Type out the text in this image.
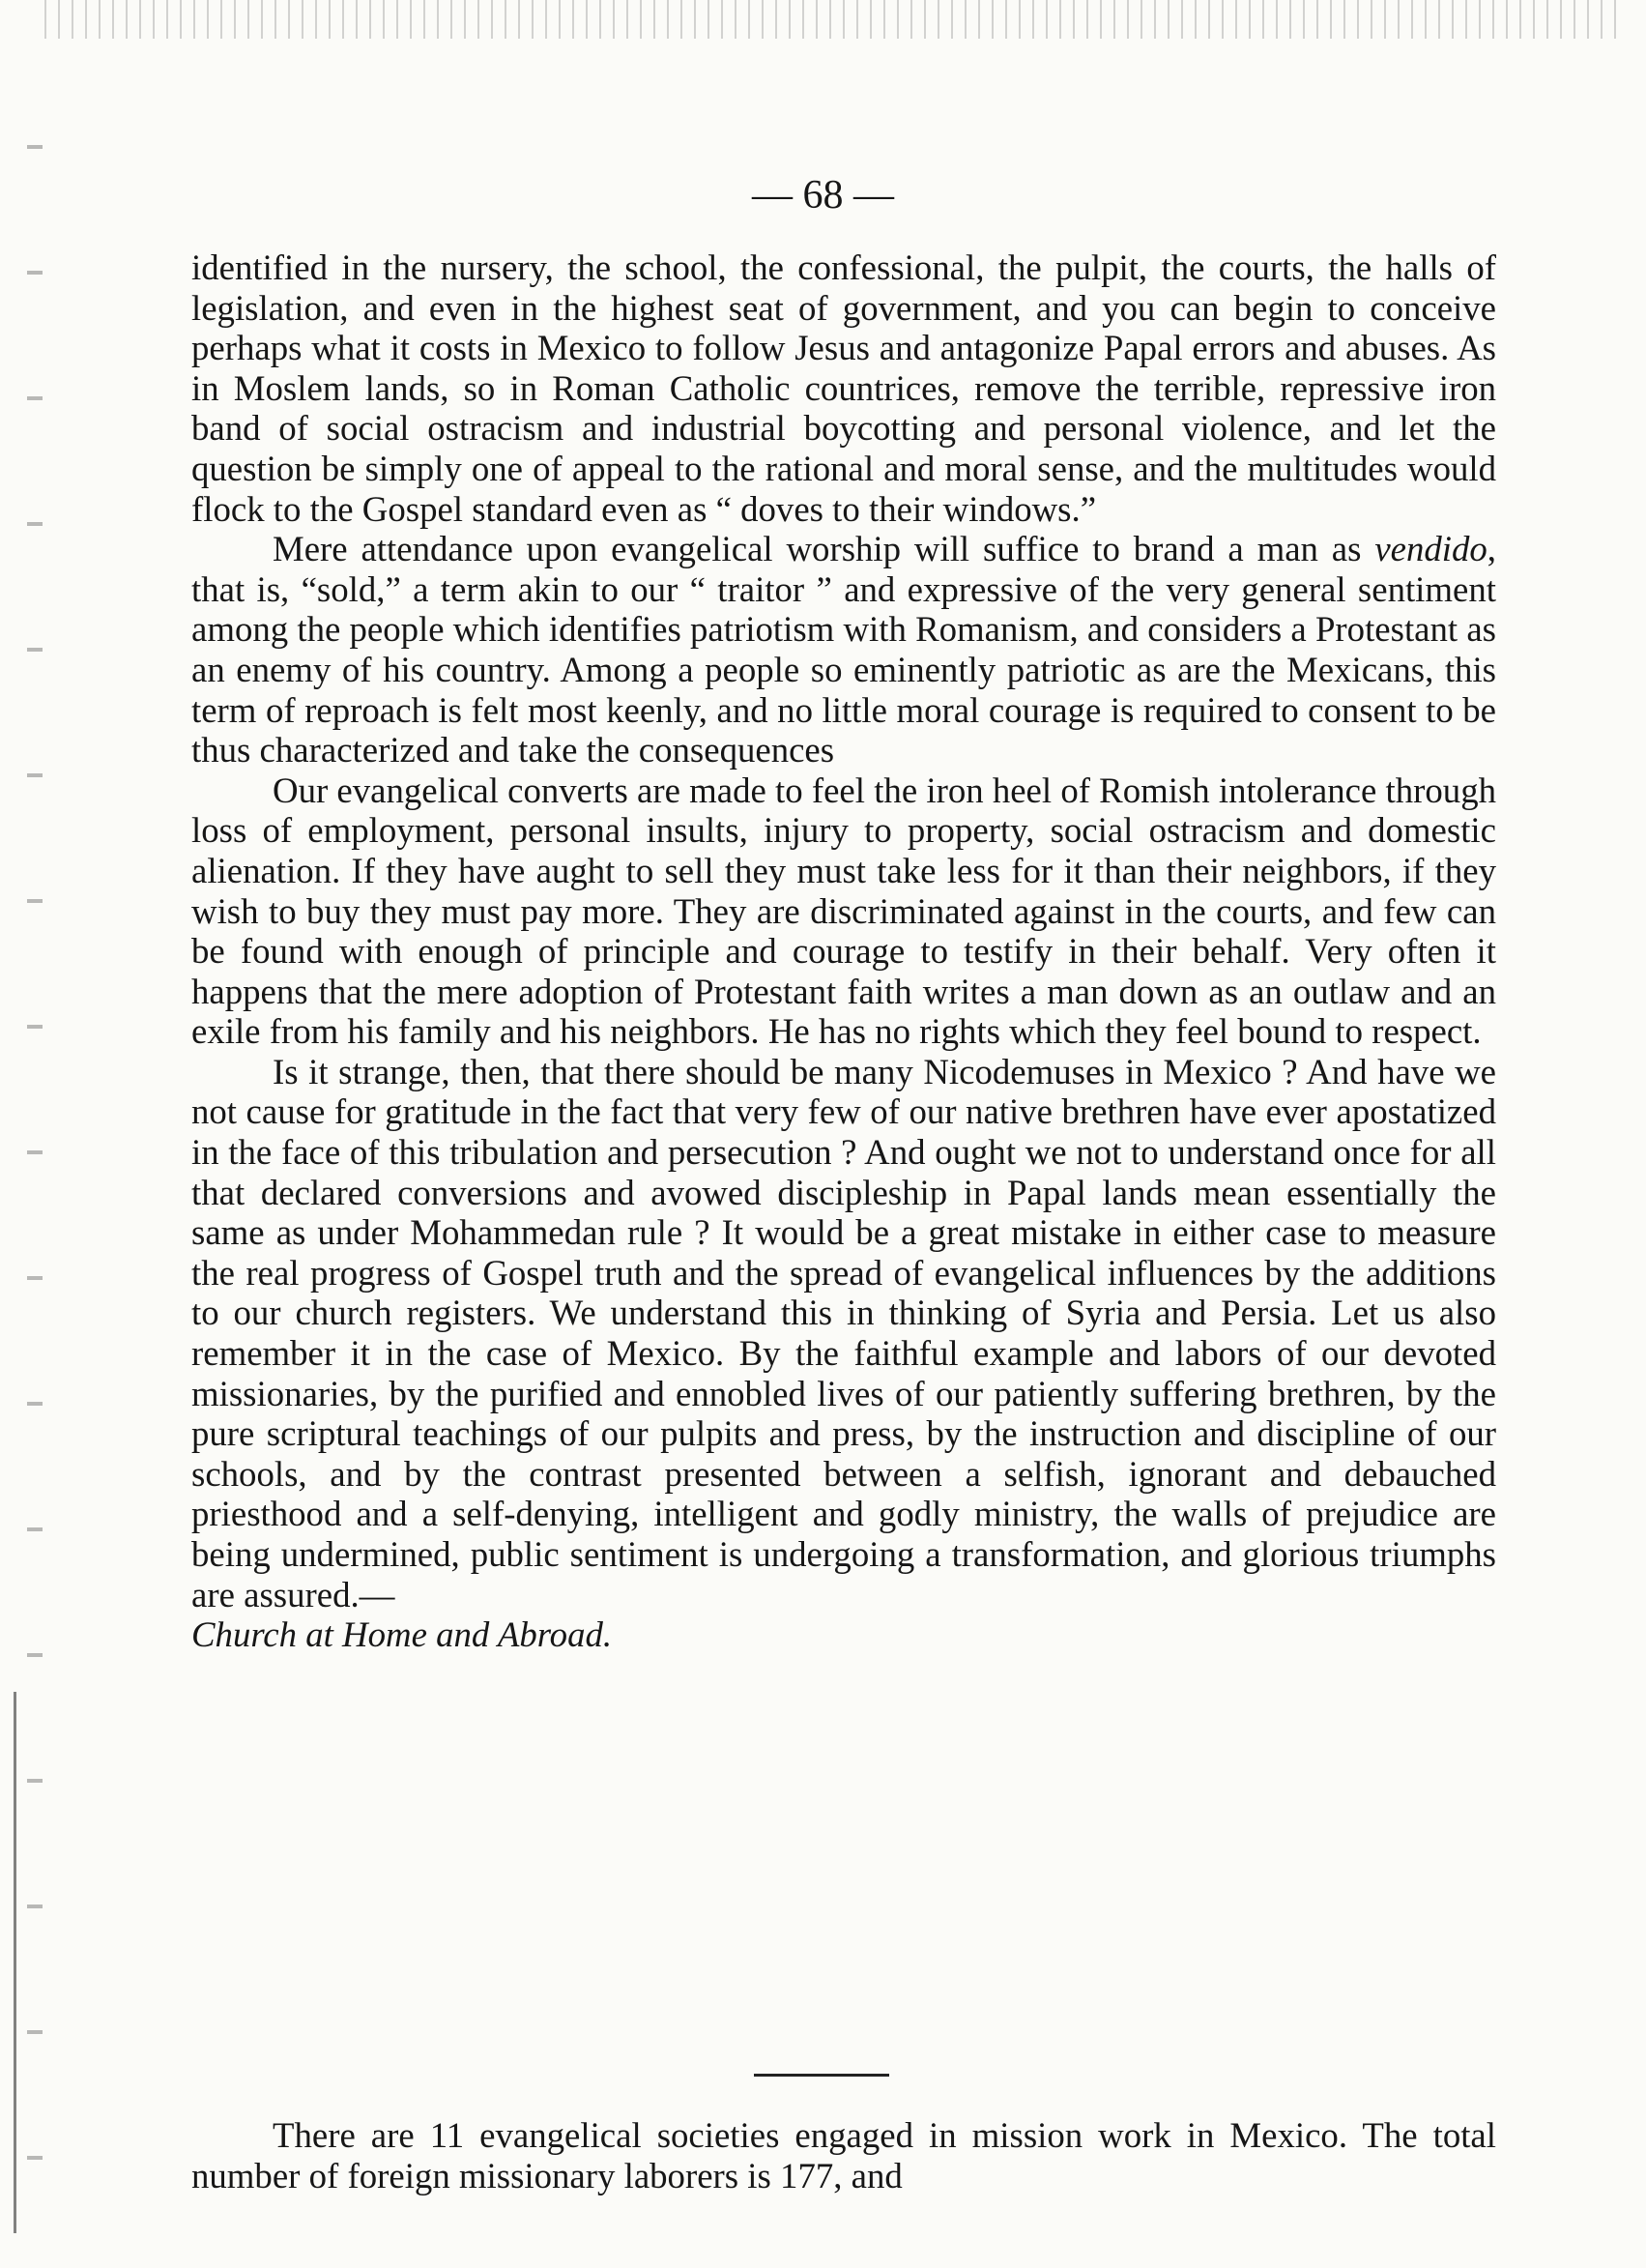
— 68 —

identified in the nursery, the school, the confessional, the pulpit, the courts, the halls of legislation, and even in the highest seat of government, and you can begin to conceive perhaps what it costs in Mexico to follow Jesus and antagonize Papal errors and abuses. As in Moslem lands, so in Roman Catholic countrices, remove the terrible, repressive iron band of social ostracism and industrial boycotting and personal violence, and let the question be simply one of appeal to the rational and moral sense, and the multitudes would flock to the Gospel standard even as “ doves to their windows.”

Mere attendance upon evangelical worship will suffice to brand a man as vendido, that is, “sold,” a term akin to our “ traitor ” and expressive of the very general sentiment among the people which identifies patriotism with Romanism, and considers a Protestant as an enemy of his country. Among a people so eminently patriotic as are the Mexicans, this term of reproach is felt most keenly, and no little moral courage is required to consent to be thus characterized and take the consequences

Our evangelical converts are made to feel the iron heel of Romish intolerance through loss of employment, personal insults, injury to property, social ostracism and domestic alienation. If they have aught to sell they must take less for it than their neighbors, if they wish to buy they must pay more. They are discriminated against in the courts, and few can be found with enough of principle and courage to testify in their behalf. Very often it happens that the mere adoption of Protestant faith writes a man down as an outlaw and an exile from his family and his neighbors. He has no rights which they feel bound to respect.

Is it strange, then, that there should be many Nicodemuses in Mexico ? And have we not cause for gratitude in the fact that very few of our native brethren have ever apostatized in the face of this tribulation and persecution ? And ought we not to understand once for all that declared conversions and avowed discipleship in Papal lands mean essentially the same as under Mohammedan rule ? It would be a great mistake in either case to measure the real progress of Gospel truth and the spread of evangelical influences by the additions to our church registers. We understand this in thinking of Syria and Persia. Let us also remember it in the case of Mexico. By the faithful example and labors of our devoted missionaries, by the purified and ennobled lives of our patiently suffering brethren, by the pure scriptural teachings of our pulpits and press, by the instruction and discipline of our schools, and by the contrast presented between a selfish, ignorant and debauched priesthood and a self-denying, intelligent and godly ministry, the walls of prejudice are being undermined, public sentiment is undergoing a transformation, and glorious triumphs are assured.—

Church at Home and Abroad.

There are 11 evangelical societies engaged in mission work in Mexico. The total number of foreign missionary laborers is 177, and
